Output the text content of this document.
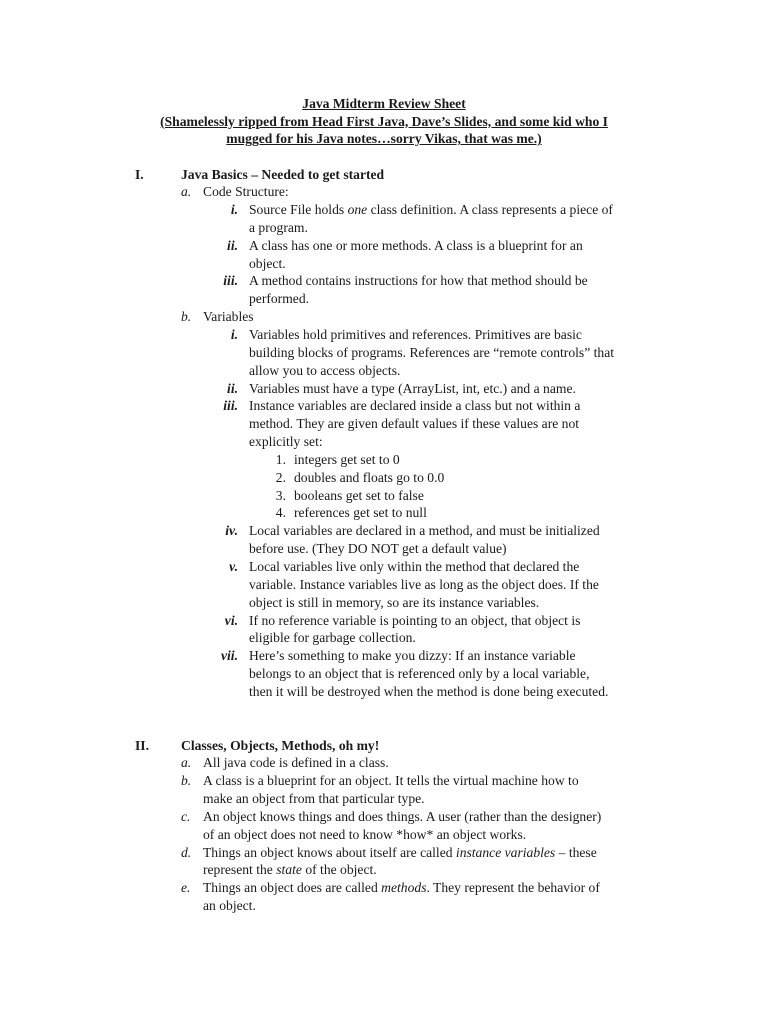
Java Midterm Review Sheet
(Shamelessly ripped from Head First Java, Dave’s Slides, and some kid who I
mugged for his Java notes…sorry Vikas, that was me.)
I.	Java Basics – Needed to get started
a. Code Structure:
i. Source File holds one class definition. A class represents a piece of
a program.
ii. A class has one or more methods. A class is a blueprint for an
object.
iii. A method contains instructions for how that method should be
performed.
b. Variables
i. Variables hold primitives and references. Primitives are basic
building blocks of programs. References are “remote controls” that
allow you to access objects.
ii. Variables must have a type (ArrayList, int, etc.) and a name.
iii. Instance variables are declared inside a class but not within a
method. They are given default values if these values are not
explicitly set:
1. integers get set to 0
2. doubles and floats go to 0.0
3. booleans get set to false
4. references get set to null
iv. Local variables are declared in a method, and must be initialized
before use. (They DO NOT get a default value)
v. Local variables live only within the method that declared the
variable. Instance variables live as long as the object does. If the
object is still in memory, so are its instance variables.
vi. If no reference variable is pointing to an object, that object is
eligible for garbage collection.
vii. Here’s something to make you dizzy: If an instance variable
belongs to an object that is referenced only by a local variable,
then it will be destroyed when the method is done being executed.
II. Classes, Objects, Methods, oh my!
a. All java code is defined in a class.
b. A class is a blueprint for an object. It tells the virtual machine how to
make an object from that particular type.
c. An object knows things and does things. A user (rather than the designer)
of an object does not need to know *how* an object works.
d. Things an object knows about itself are called instance variables – these
represent the state of the object.
e. Things an object does are called methods. They represent the behavior of
an object.
